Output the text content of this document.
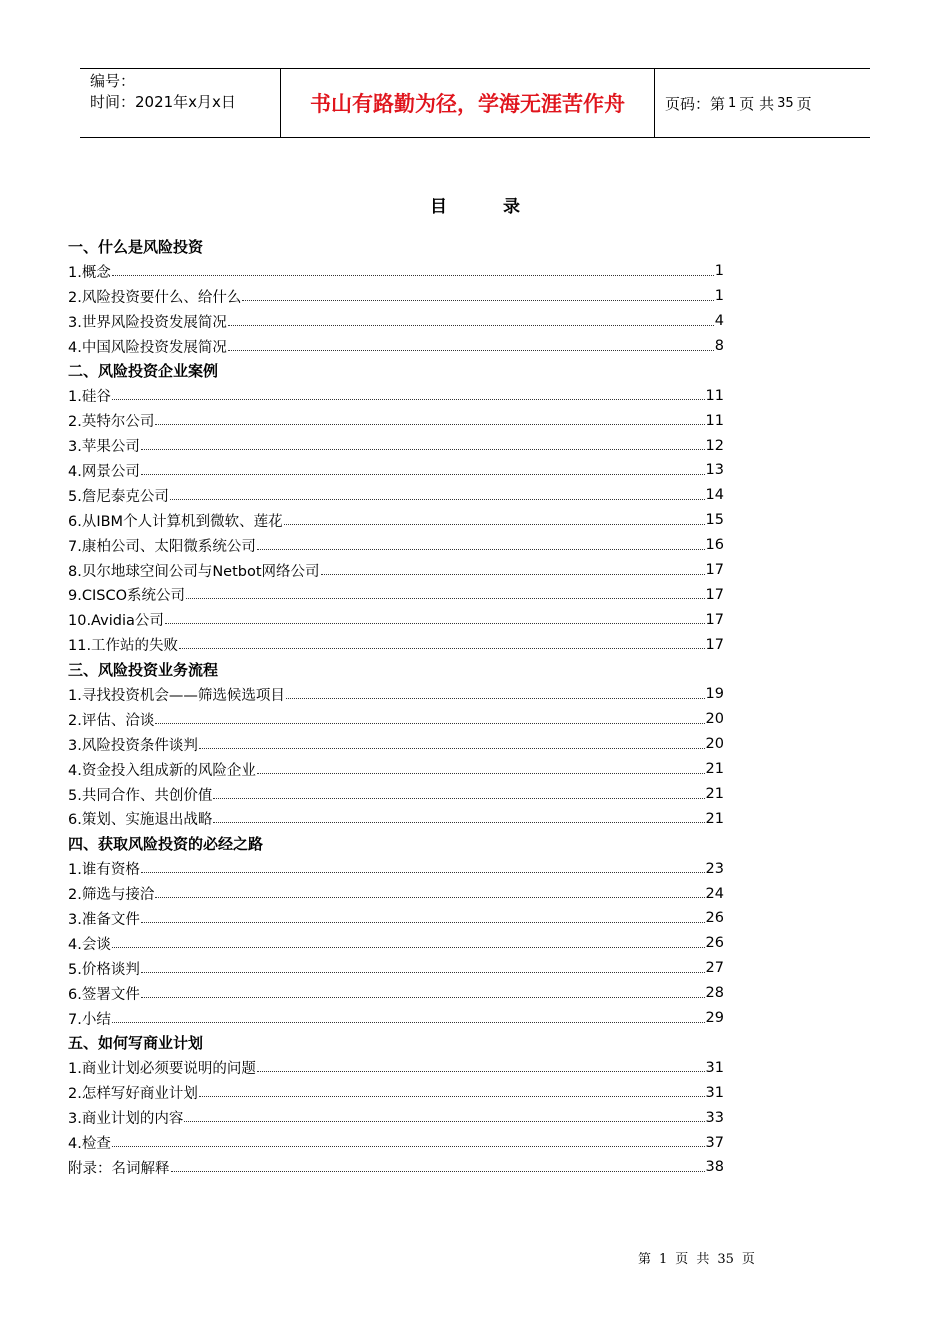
编号：
时间：2021年x月x日	书山有路勤为径，学海无涯苦作舟	页码：第 1 页 共 35 页
目录
一、什么是风险投资
1.概念	1
2.风险投资要什么、给什么	1
3.世界风险投资发展简况	4
4.中国风险投资发展简况	8
二、风险投资企业案例
1.硅谷	11
2.英特尔公司	11
3.苹果公司	12
4.网景公司	13
5.詹尼泰克公司	14
6.从IBM个人计算机到微软、莲花	15
7.康柏公司、太阳微系统公司	16
8.贝尔地球空间公司与Netbot网络公司	17
9.CISCO系统公司	17
10.Avidia公司	17
11.工作站的失败	17
三、风险投资业务流程
1.寻找投资机会——筛选候选项目	19
2.评估、洽谈	20
3.风险投资条件谈判	20
4.资金投入组成新的风险企业	21
5.共同合作、共创价值	21
6.策划、实施退出战略	21
四、获取风险投资的必经之路
1.谁有资格	23
2.筛选与接洽	24
3.准备文件	26
4.会谈	26
5.价格谈判	27
6.签署文件	28
7.小结	29
五、如何写商业计划
1.商业计划必须要说明的问题	31
2.怎样写好商业计划	31
3.商业计划的内容	33
4.检查	37
附录：名词解释	38
第 1 页 共 35 页
